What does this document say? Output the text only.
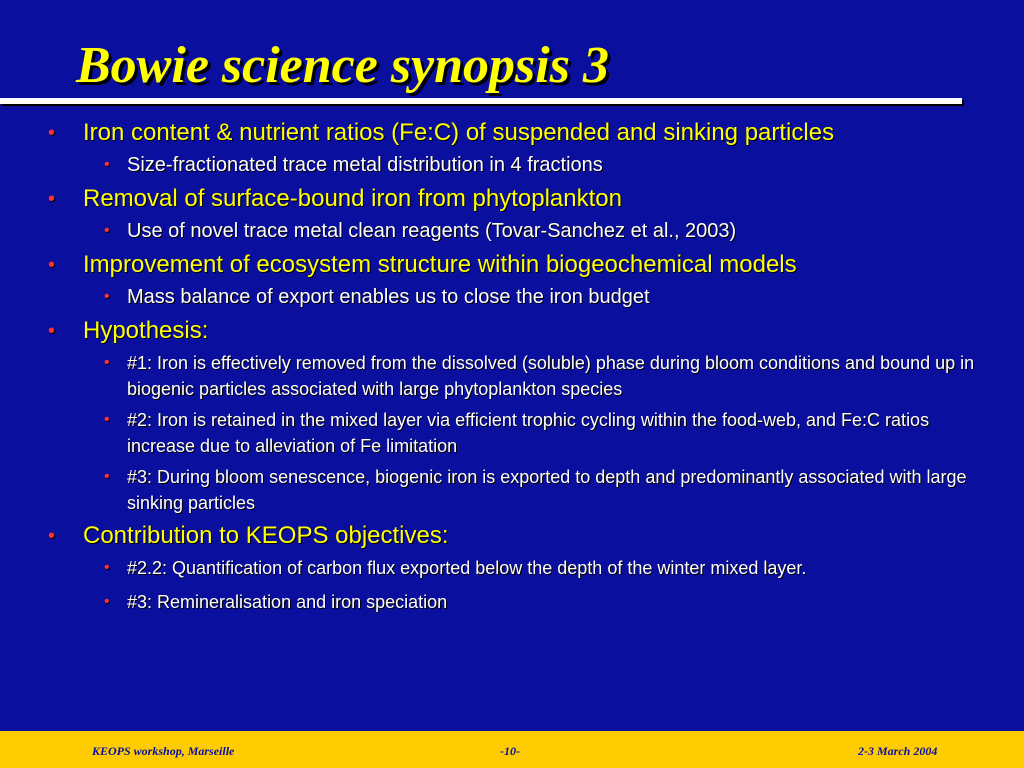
Bowie science synopsis 3
• Iron content & nutrient ratios (Fe:C) of suspended and sinking particles
• Size-fractionated trace metal distribution in 4 fractions
• Removal of surface-bound iron from phytoplankton
• Use of novel trace metal clean reagents (Tovar-Sanchez et al., 2003)
• Improvement of ecosystem structure within biogeochemical models
• Mass balance of export enables us to close the iron budget
• Hypothesis:
• #1: Iron is effectively removed from the dissolved (soluble) phase during bloom conditions and bound up in biogenic particles associated with large phytoplankton species
• #2: Iron is retained in the mixed layer via efficient trophic cycling within the food-web, and Fe:C ratios increase due to alleviation of Fe limitation
• #3: During bloom senescence, biogenic iron is exported to depth and predominantly associated with large sinking particles
• Contribution to KEOPS objectives:
• #2.2: Quantification of carbon flux exported below the depth of the winter mixed layer.
• #3: Remineralisation and iron speciation
KEOPS workshop, Marseille	-10-	2-3 March 2004
